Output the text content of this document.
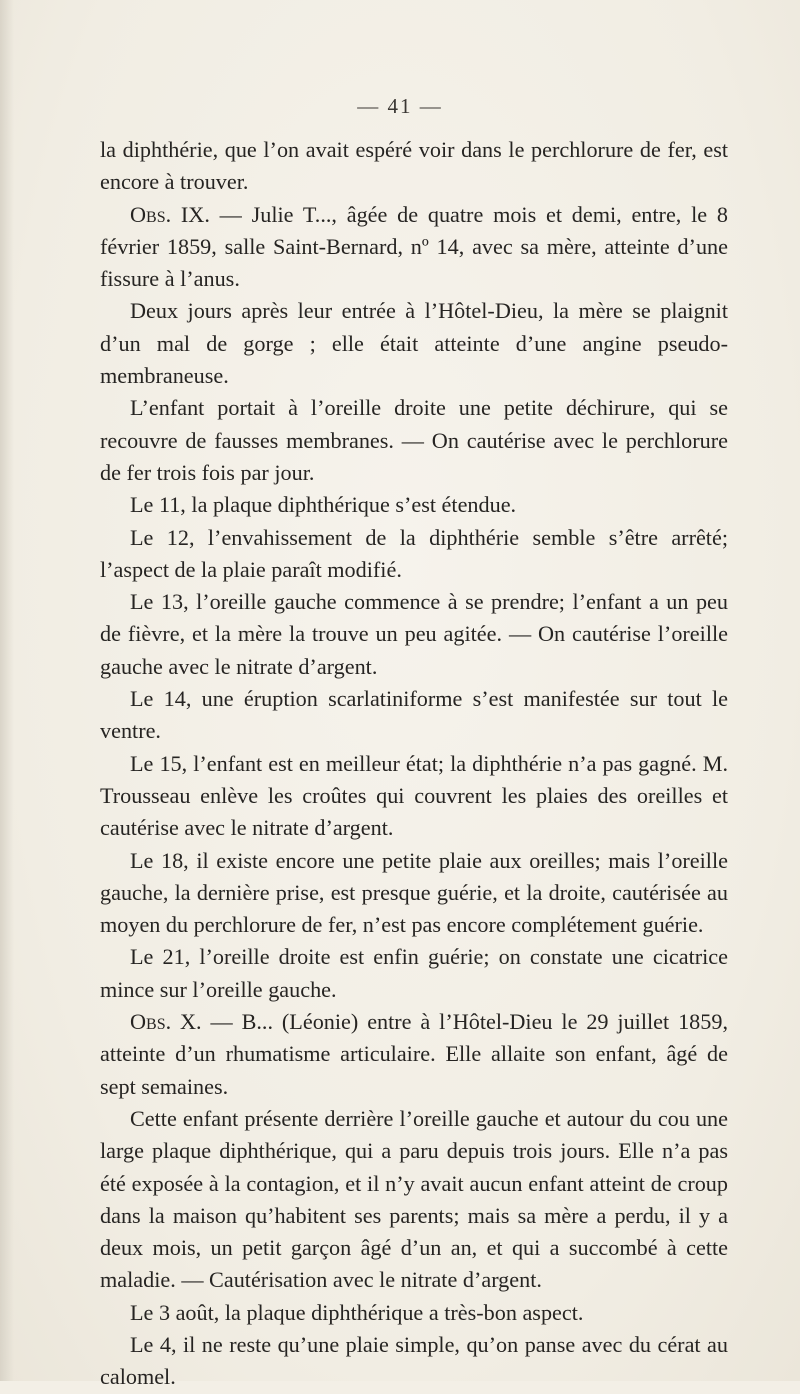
— 41 —

la diphthérie, que l’on avait espéré voir dans le perchlorure de fer, est encore à trouver.

Obs. IX. — Julie T..., âgée de quatre mois et demi, entre, le 8 février 1859, salle Saint-Bernard, nº 14, avec sa mère, atteinte d’une fissure à l’anus.

Deux jours après leur entrée à l’Hôtel-Dieu, la mère se plaignit d’un mal de gorge ; elle était atteinte d’une angine pseudo-membraneuse.

L’enfant portait à l’oreille droite une petite déchirure, qui se recouvre de fausses membranes. — On cautérise avec le perchlorure de fer trois fois par jour.

Le 11, la plaque diphthérique s’est étendue.

Le 12, l’envahissement de la diphthérie semble s’être arrêté; l’aspect de la plaie paraît modifié.

Le 13, l’oreille gauche commence à se prendre; l’enfant a un peu de fièvre, et la mère la trouve un peu agitée. — On cautérise l’oreille gauche avec le nitrate d’argent.

Le 14, une éruption scarlatiniforme s’est manifestée sur tout le ventre.

Le 15, l’enfant est en meilleur état; la diphthérie n’a pas gagné. M. Trousseau enlève les croûtes qui couvrent les plaies des oreilles et cautérise avec le nitrate d’argent.

Le 18, il existe encore une petite plaie aux oreilles; mais l’oreille gauche, la dernière prise, est presque guérie, et la droite, cautérisée au moyen du perchlorure de fer, n’est pas encore complétement guérie.

Le 21, l’oreille droite est enfin guérie; on constate une cicatrice mince sur l’oreille gauche.

Obs. X. — B... (Léonie) entre à l’Hôtel-Dieu le 29 juillet 1859, atteinte d’un rhumatisme articulaire. Elle allaite son enfant, âgé de sept semaines.

Cette enfant présente derrière l’oreille gauche et autour du cou une large plaque diphthérique, qui a paru depuis trois jours. Elle n’a pas été exposée à la contagion, et il n’y avait aucun enfant atteint de croup dans la maison qu’habitent ses parents; mais sa mère a perdu, il y a deux mois, un petit garçon âgé d’un an, et qui a succombé à cette maladie. — Cautérisation avec le nitrate d’argent.

Le 3 août, la plaque diphthérique a très-bon aspect.

Le 4, il ne reste qu’une plaie simple, qu’on panse avec du cérat au calomel.
